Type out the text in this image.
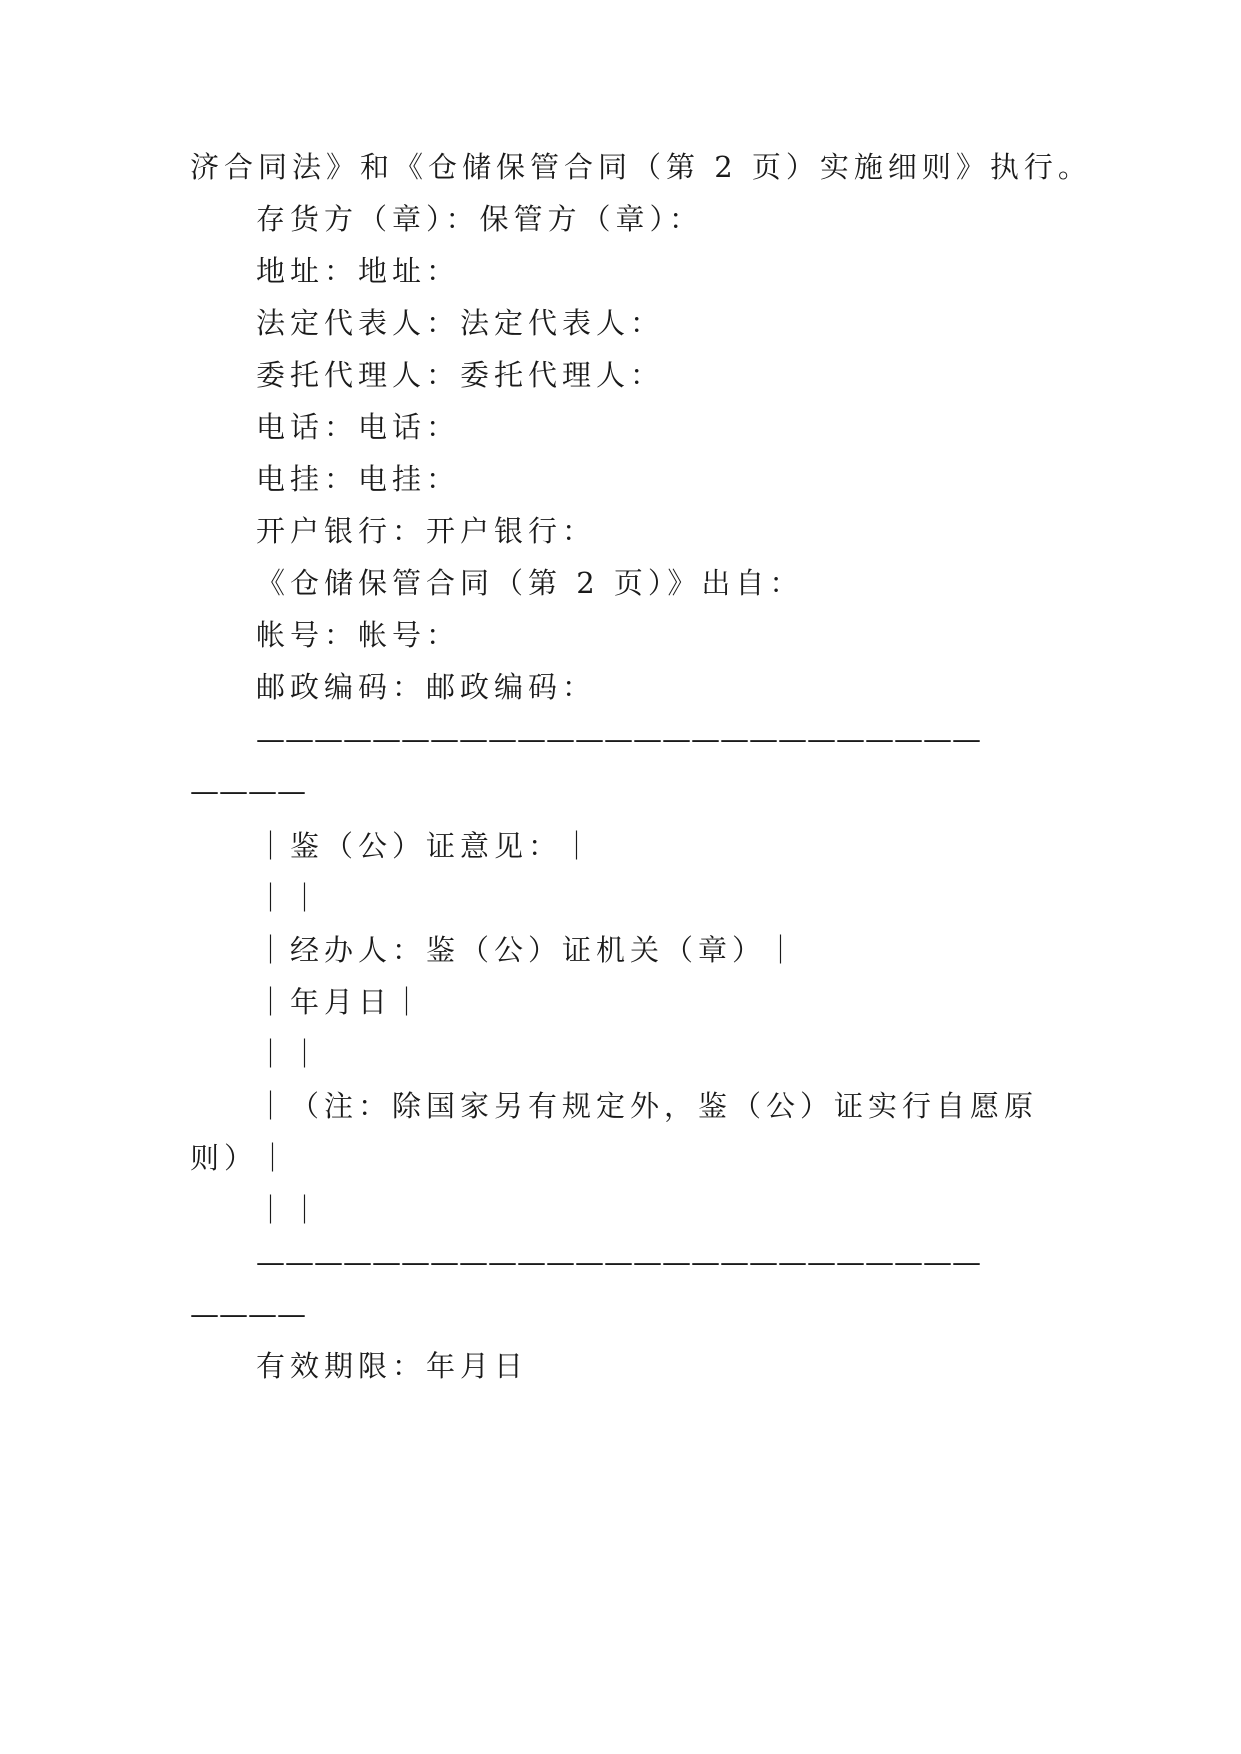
济合同法》和《仓储保管合同（第 2 页）实施细则》执行。
存货方（章）：保管方（章）：
地址：地址：
法定代表人：法定代表人：
委托代理人：委托代理人：
电话：电话：
电挂：电挂：
开户银行：开户银行：
《仓储保管合同（第 2 页）》出自：
帐号：帐号：
邮政编码：邮政编码：
—————————————————————————
————
｜鉴（公）证意见：｜
｜｜
｜经办人：鉴（公）证机关（章）｜
｜年月日｜
｜｜
｜（注：除国家另有规定外，鉴（公）证实行自愿原
则）｜
｜｜
—————————————————————————
————
有效期限：年月日
